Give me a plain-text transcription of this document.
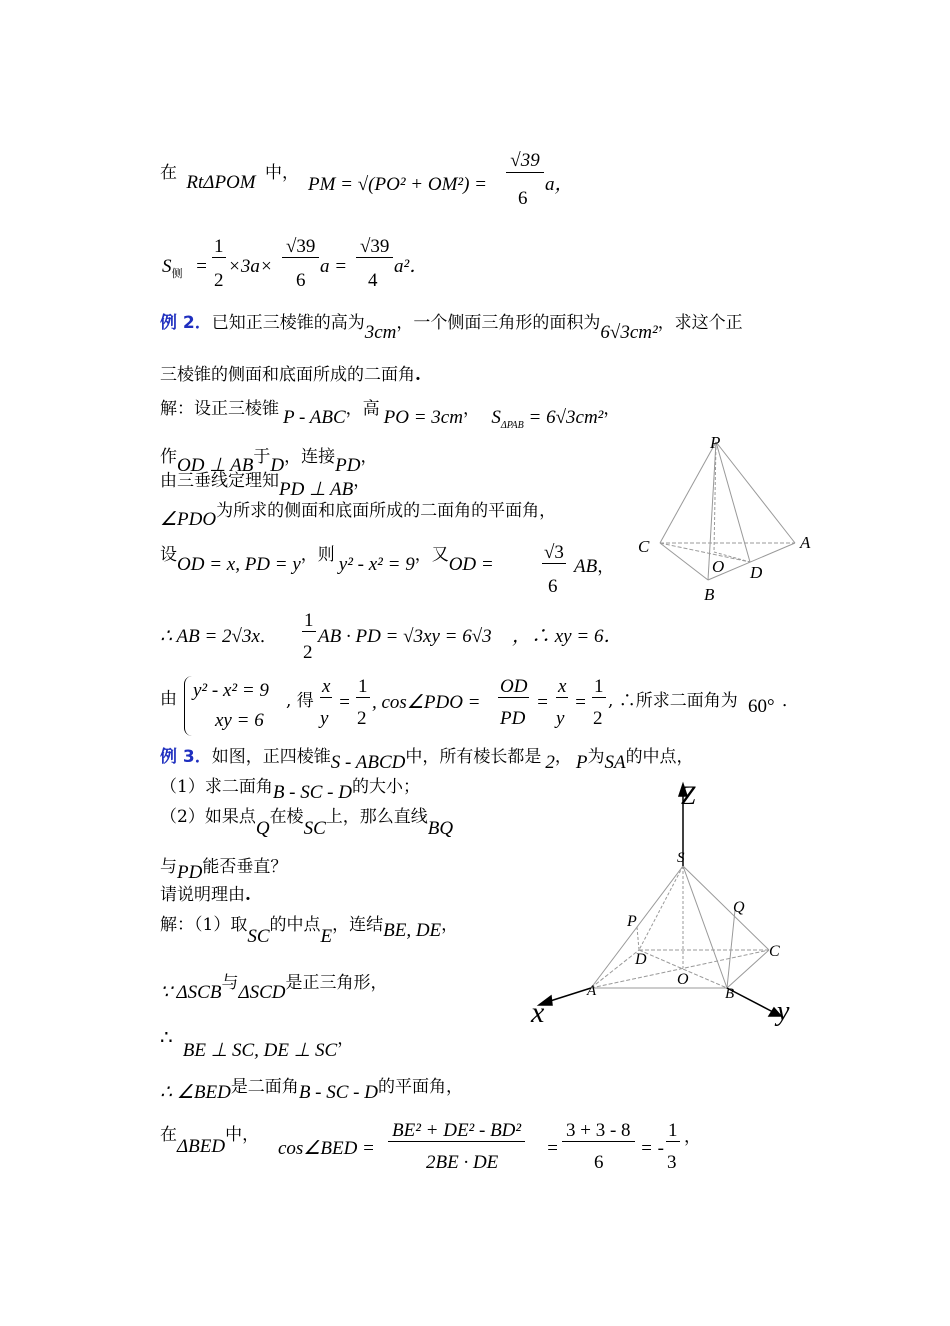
在 RtΔPOM 中，
PM = √(PO² + OM²) =
√39
6
a，
$S_侧$ =
1
2
×3a×
√39
6
a =
√39
4
a²．
例 2．已知正三棱锥的高为3cm，一个侧面三角形的面积为6√3cm²，求这个正
三棱锥的侧面和底面所成的二面角.
解：设正三棱锥 P - ABC，高 PO = 3cm， $S_{\Delta PAB} = 6√3cm^2$，
作OD ⊥ AB于D，连接PD，
由三垂线定理知PD ⊥ AB，
∠PDO为所求的侧面和底面所成的二面角的平面角，
设OD = x, PD = y，则 y² - x² = 9，又OD =
√3
6
AB，
∴ AB = 2√3x．
1
2
AB · PD = √3xy = 6√3 ，∴ xy = 6．
由 y² - x² = 9
xy = 6
, 得
x
y
=
1
2
, cos∠PDO =
OD
PD
=
x
y
=
1
2
, ∴所求二面角为 60° ．
例 3．如图，正四棱锥S - ABCD中，所有棱长都是 2， P为SA的中点，
（1）求二面角B - SC - D的大小；
（2）如果点Q在棱SC上，那么直线BQ
与PD能否垂直？
请说明理由.
解：（1）取SC的中点E，连结BE, DE，
∵ ΔSCB与ΔSCD是正三角形，
∴BE ⊥ SC, DE ⊥ SC，
∴ ∠BED是二面角B - SC - D的平面角，
在ΔBED中，
cos∠BED =
BE² + DE² - BD²
2BE · DE
=
3 + 3 - 8
6
= -
1
3
，
P
C	A
O D
B
Z
S
Q
P
C
D
O
A	B
x	y
